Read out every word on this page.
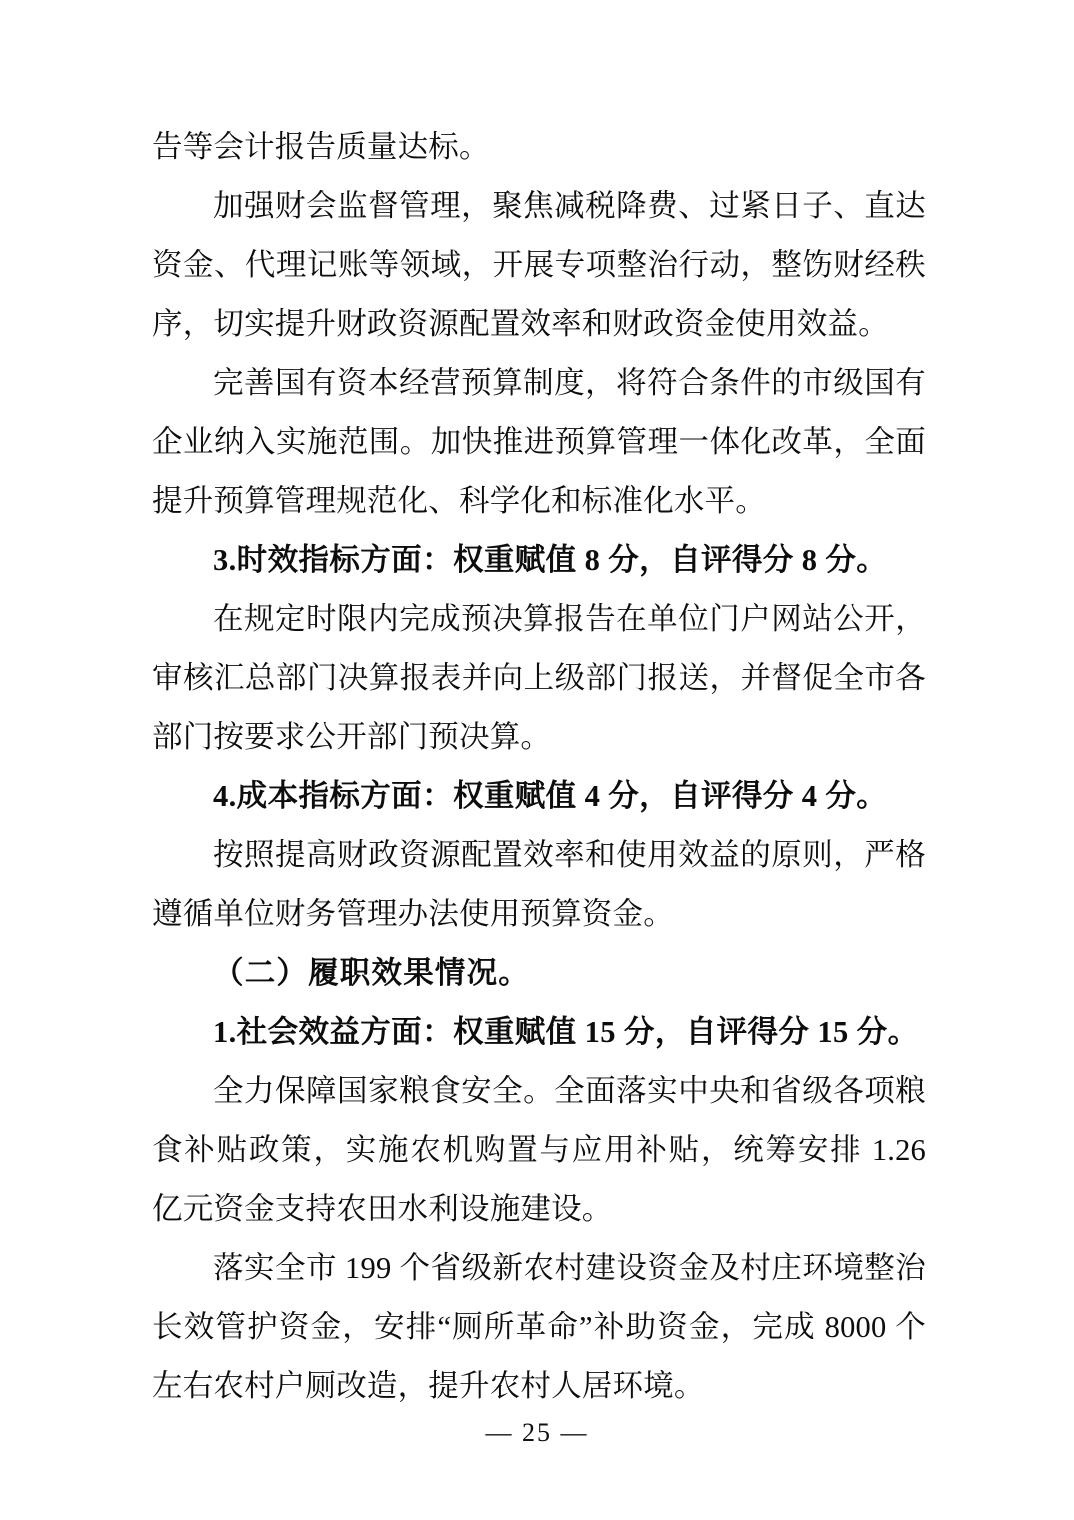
告等会计报告质量达标。

加强财会监督管理，聚焦减税降费、过紧日子、直达资金、代理记账等领域，开展专项整治行动，整饬财经秩序，切实提升财政资源配置效率和财政资金使用效益。

完善国有资本经营预算制度，将符合条件的市级国有企业纳入实施范围。加快推进预算管理一体化改革，全面提升预算管理规范化、科学化和标准化水平。

3.时效指标方面：权重赋值 8 分，自评得分 8 分。

在规定时限内完成预决算报告在单位门户网站公开，审核汇总部门决算报表并向上级部门报送，并督促全市各部门按要求公开部门预决算。

4.成本指标方面：权重赋值 4 分，自评得分 4 分。

按照提高财政资源配置效率和使用效益的原则，严格遵循单位财务管理办法使用预算资金。

（二）履职效果情况。

1.社会效益方面：权重赋值 15 分，自评得分 15 分。

全力保障国家粮食安全。全面落实中央和省级各项粮食补贴政策，实施农机购置与应用补贴，统筹安排 1.26 亿元资金支持农田水利设施建设。

落实全市 199 个省级新农村建设资金及村庄环境整治长效管护资金，安排“厕所革命”补助资金，完成 8000 个左右农村户厕改造，提升农村人居环境。

— 25 —
